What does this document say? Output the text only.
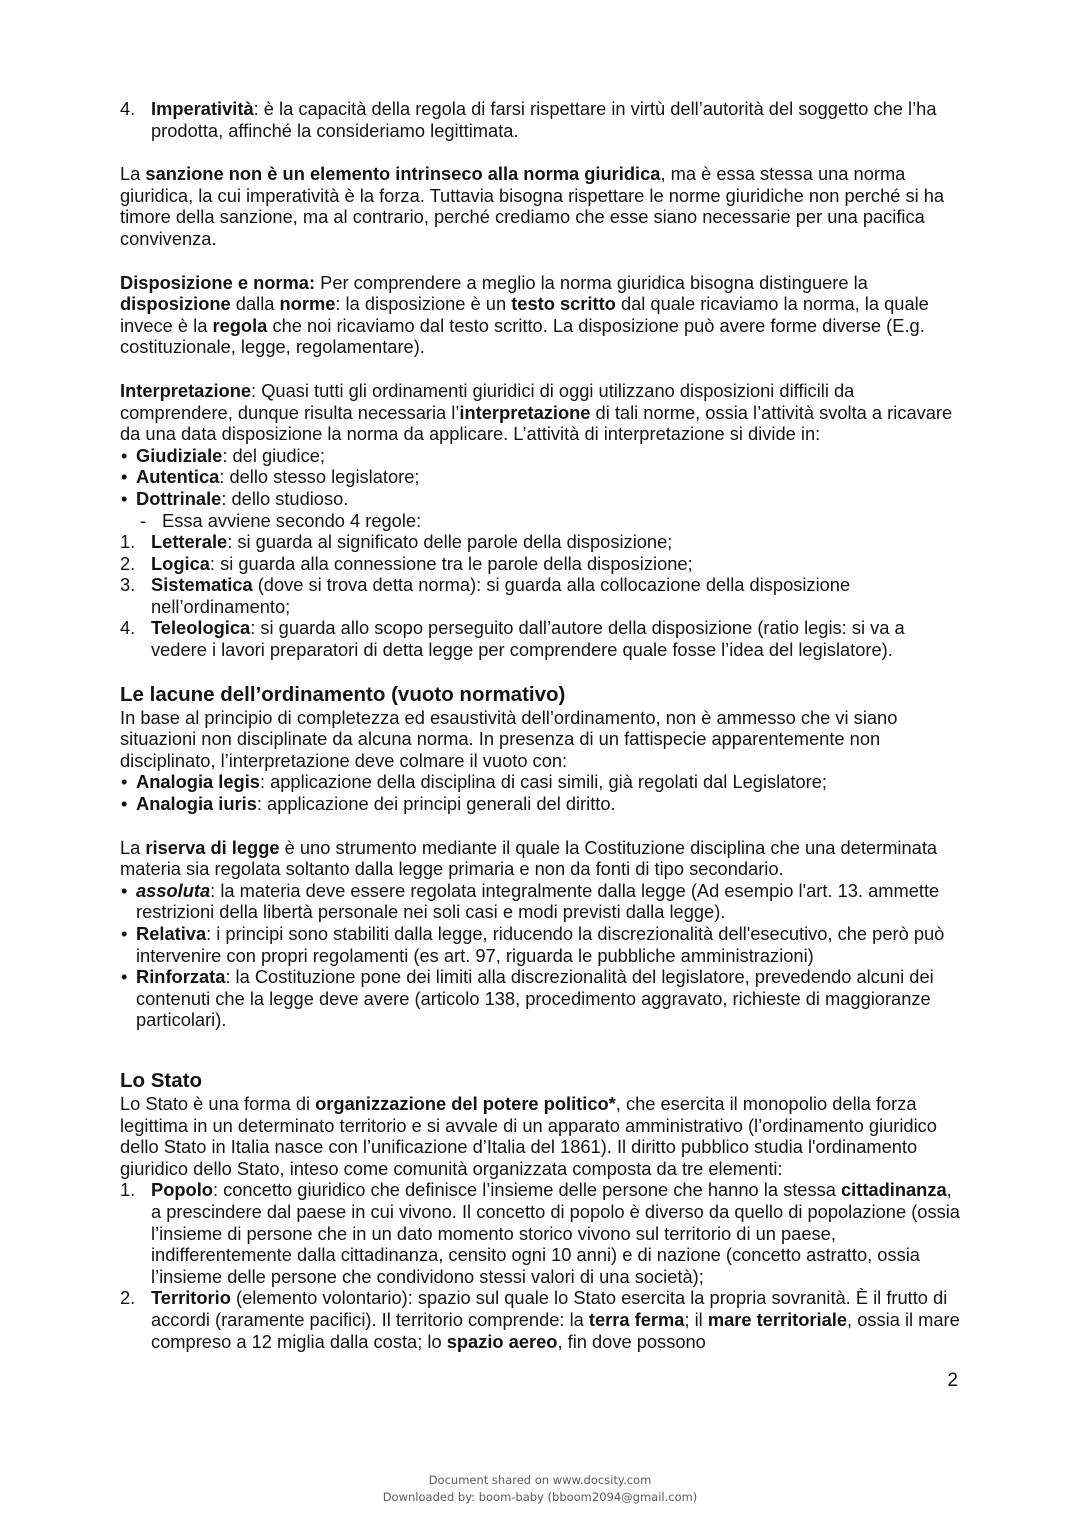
4. Imperatività: è la capacità della regola di farsi rispettare in virtù dell’autorità del soggetto che l’ha prodotta, affinché la consideriamo legittimata.

La sanzione non è un elemento intrinseco alla norma giuridica, ma è essa stessa una norma giuridica, la cui imperatività è la forza. Tuttavia bisogna rispettare le norme giuridiche non perché si ha timore della sanzione, ma al contrario, perché crediamo che esse siano necessarie per una pacifica convivenza.

Disposizione e norma: Per comprendere a meglio la norma giuridica bisogna distinguere la disposizione dalla norme: la disposizione è un testo scritto dal quale ricaviamo la norma, la quale invece è la regola che noi ricaviamo dal testo scritto. La disposizione può avere forme diverse (E.g. costituzionale, legge, regolamentare).

Interpretazione: Quasi tutti gli ordinamenti giuridici di oggi utilizzano disposizioni difficili da comprendere, dunque risulta necessaria l’interpretazione di tali norme, ossia l’attività svolta a ricavare da una data disposizione la norma da applicare. L’attività di interpretazione si divide in:

• Giudiziale: del giudice;
• Autentica: dello stesso legislatore;
• Dottrinale: dello studioso.
- Essa avviene secondo 4 regole:
1. Letterale: si guarda al significato delle parole della disposizione;
2. Logica: si guarda alla connessione tra le parole della disposizione;
3. Sistematica (dove si trova detta norma): si guarda alla collocazione della disposizione nell’ordinamento;
4. Teleologica: si guarda allo scopo perseguito dall’autore della disposizione (ratio legis: si va a vedere i lavori preparatori di detta legge per comprendere quale fosse l’idea del legislatore).
Le lacune dell’ordinamento (vuoto normativo)

In base al principio di completezza ed esaustività dell’ordinamento, non è ammesso che vi siano situazioni non disciplinate da alcuna norma. In presenza di un fattispecie apparentemente non disciplinato, l’interpretazione deve colmare il vuoto con:

• Analogia legis: applicazione della disciplina di casi simili, già regolati dal Legislatore;
• Analogia iuris: applicazione dei principi generali del diritto.

La riserva di legge è uno strumento mediante il quale la Costituzione disciplina che una determinata materia sia regolata soltanto dalla legge primaria e non da fonti di tipo secondario.

• assoluta: la materia deve essere regolata integralmente dalla legge (Ad esempio l'art. 13. ammette restrizioni della libertà personale nei soli casi e modi previsti dalla legge).
• Relativa: i principi sono stabiliti dalla legge, riducendo la discrezionalità dell'esecutivo, che però può intervenire con propri regolamenti (es art. 97, riguarda le pubbliche amministrazioni)
• Rinforzata: la Costituzione pone dei limiti alla discrezionalità del legislatore, prevedendo alcuni dei contenuti che la legge deve avere (articolo 138, procedimento aggravato, richieste di maggioranze particolari).
Lo Stato

Lo Stato è una forma di organizzazione del potere politico*, che esercita il monopolio della forza legittima in un determinato territorio e si avvale di un apparato amministrativo (l’ordinamento giuridico dello Stato in Italia nasce con l’unificazione d’Italia del 1861). Il diritto pubblico studia l'ordinamento giuridico dello Stato, inteso come comunità organizzata composta da tre elementi:

1. Popolo: concetto giuridico che definisce l’insieme delle persone che hanno la stessa cittadinanza, a prescindere dal paese in cui vivono. Il concetto di popolo è diverso da quello di popolazione (ossia l’insieme di persone che in un dato momento storico vivono sul territorio di un paese, indifferentemente dalla cittadinanza, censito ogni 10 anni) e di nazione (concetto astratto, ossia l’insieme delle persone che condividono stessi valori di una società);
2. Territorio (elemento volontario): spazio sul quale lo Stato esercita la propria sovranità. È il frutto di accordi (raramente pacifici). Il territorio comprende: la terra ferma; il mare territoriale, ossia il mare compreso a 12 miglia dalla costa; lo spazio aereo, fin dove possono
2
Document shared on www.docsity.com
Downloaded by: boom-baby (bboom2094@gmail.com)
